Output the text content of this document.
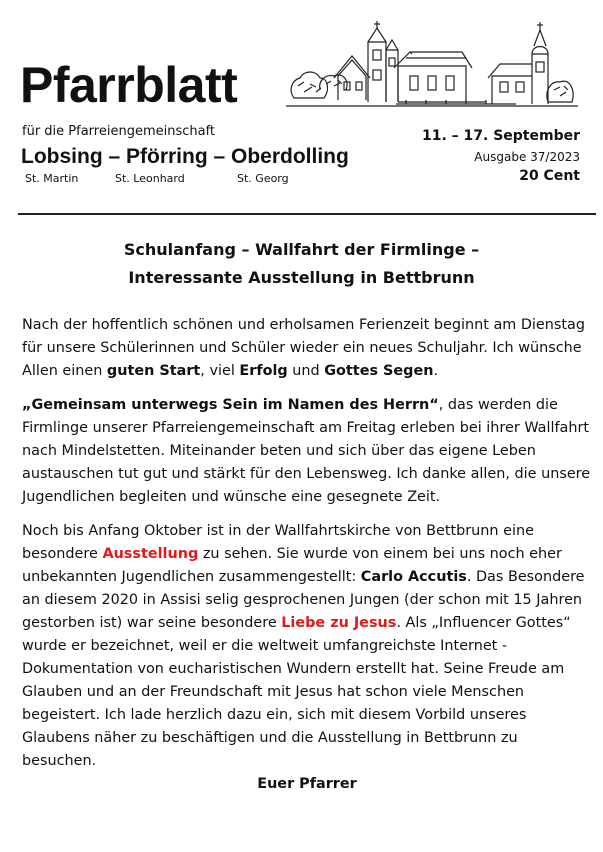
Pfarrblatt
für die Pfarreiengemeinschaft
Lobsing – Pförring – Oberdolling
St. Martin	St. Leonhard	St. Georg
11. – 17. September
Ausgabe 37/2023
20 Cent
Schulanfang – Wallfahrt der Firmlinge –
Interessante Ausstellung in Bettbrunn

Nach der hoffentlich schönen und erholsamen Ferienzeit beginnt am Dienstag für unsere Schülerinnen und Schüler wieder ein neues Schuljahr. Ich wünsche Allen einen guten Start, viel Erfolg und Gottes Segen.

„Gemeinsam unterwegs Sein im Namen des Herrn“, das werden die Firmlinge unserer Pfarreiengemeinschaft am Freitag erleben bei ihrer Wallfahrt nach Mindelstetten. Miteinander beten und sich über das eigene Leben austauschen tut gut und stärkt für den Lebensweg. Ich danke allen, die unsere Jugendlichen begleiten und wünsche eine gesegnete Zeit.

Noch bis Anfang Oktober ist in der Wallfahrtskirche von Bettbrunn eine besondere Ausstellung zu sehen. Sie wurde von einem bei uns noch eher unbekannten Jugendlichen zusammengestellt: Carlo Accutis. Das Besondere an diesem 2020 in Assisi selig gesprochenen Jungen (der schon mit 15 Jahren gestorben ist) war seine besondere Liebe zu Jesus. Als „Influencer Gottes“ wurde er bezeichnet, weil er die weltweit umfangreichste Internet - Dokumentation von eucharistischen Wundern erstellt hat. Seine Freude am Glauben und an der Freundschaft mit Jesus hat schon viele Menschen begeistert. Ich lade herzlich dazu ein, sich mit diesem Vorbild unseres Glaubens näher zu beschäftigen und die Ausstellung in Bettbrunn zu besuchen.
Euer Pfarrer
